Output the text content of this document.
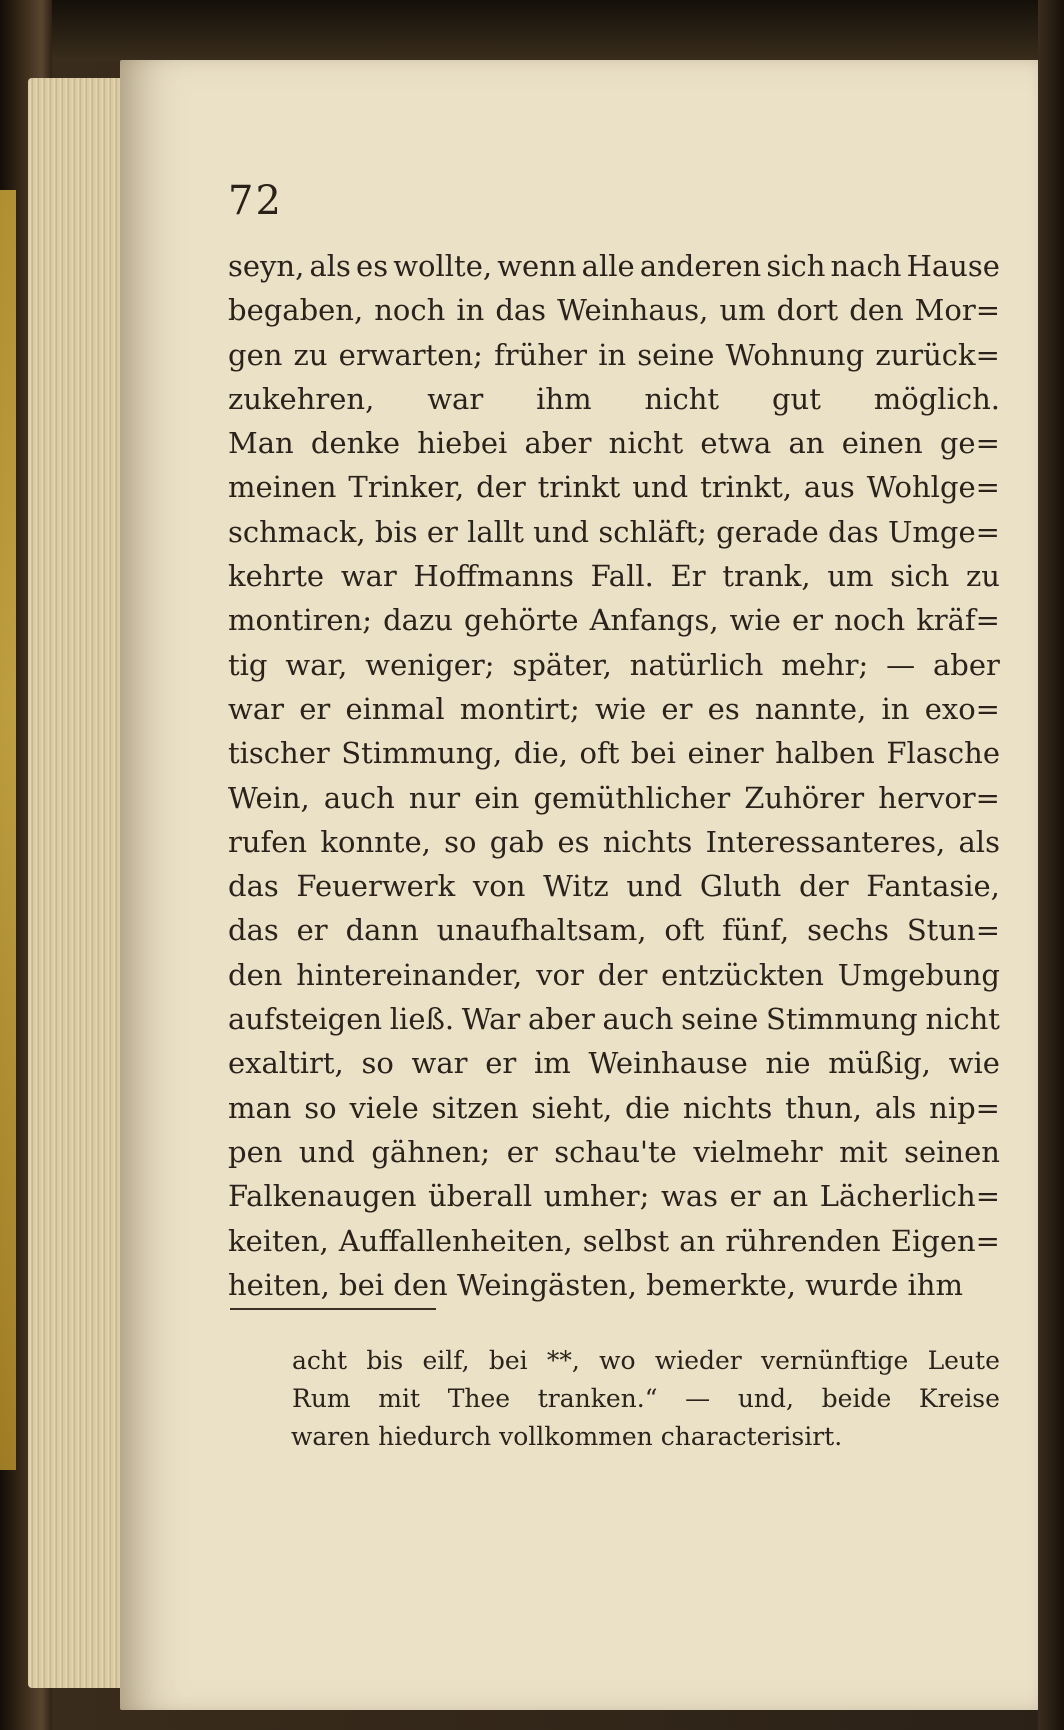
72

seyn, als es wollte, wenn alle anderen sich nach Hause
begaben, noch in das Weinhaus, um dort den Mor=
gen zu erwarten; früher in seine Wohnung zurück=
zukehren, war ihm nicht gut möglich.
Man denke hiebei aber nicht etwa an einen ge=
meinen Trinker, der trinkt und trinkt, aus Wohlge=
schmack, bis er lallt und schläft; gerade das Umge=
kehrte war Hoffmanns Fall. Er trank, um sich zu
montiren; dazu gehörte Anfangs, wie er noch kräf=
tig war, weniger; später, natürlich mehr; — aber
war er einmal montirt; wie er es nannte, in exo=
tischer Stimmung, die, oft bei einer halben Flasche
Wein, auch nur ein gemüthlicher Zuhörer hervor=
rufen konnte, so gab es nichts Interessanteres, als
das Feuerwerk von Witz und Gluth der Fantasie,
das er dann unaufhaltsam, oft fünf, sechs Stun=
den hintereinander, vor der entzückten Umgebung
aufsteigen ließ. War aber auch seine Stimmung nicht
exaltirt, so war er im Weinhause nie müßig, wie
man so viele sitzen sieht, die nichts thun, als nip=
pen und gähnen; er schau'te vielmehr mit seinen
Falkenaugen überall umher; was er an Lächerlich=
keiten, Auffallenheiten, selbst an rührenden Eigen=
heiten, bei den Weingästen, bemerkte, wurde ihm
acht bis eilf, bei **, wo wieder vernünftige Leute
Rum mit Thee tranken.“ — und, beide Kreise
waren hiedurch vollkommen characterisirt.
